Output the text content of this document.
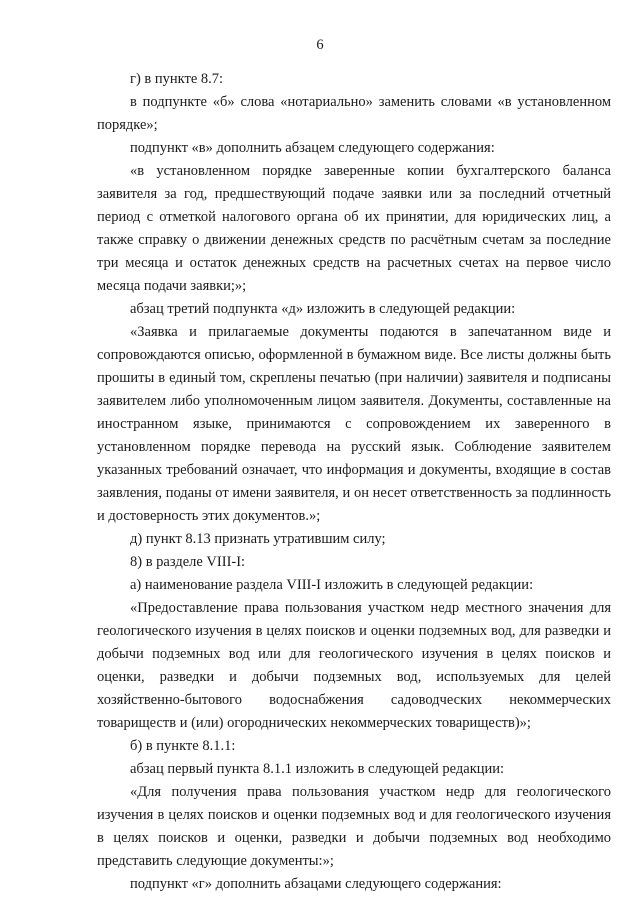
6

г) в пункте 8.7:

в подпункте «б» слова «нотариально» заменить словами «в установленном порядке»;

подпункт «в» дополнить абзацем следующего содержания:

«в установленном порядке заверенные копии бухгалтерского баланса заявителя за год, предшествующий подаче заявки или за последний отчетный период с отметкой налогового органа об их принятии, для юридических лиц, а также справку о движении денежных средств по расчётным счетам за последние три месяца и остаток денежных средств на расчетных счетах на первое число месяца подачи заявки;»;

абзац третий подпункта «д» изложить в следующей редакции:

«Заявка и прилагаемые документы подаются в запечатанном виде и сопровождаются описью, оформленной в бумажном виде. Все листы должны быть прошиты в единый том, скреплены печатью (при наличии) заявителя и подписаны заявителем либо уполномоченным лицом заявителя. Документы, составленные на иностранном языке, принимаются с сопровождением их заверенного в установленном порядке перевода на русский язык. Соблюдение заявителем указанных требований означает, что информация и документы, входящие в состав заявления, поданы от имени заявителя, и он несет ответственность за подлинность и достоверность этих документов.»;

д) пункт 8.13 признать утратившим силу;

8) в разделе VIII-I:

а) наименование раздела VIII-I изложить в следующей редакции:

«Предоставление права пользования участком недр местного значения для геологического изучения в целях поисков и оценки подземных вод, для разведки и добычи подземных вод или для геологического изучения в целях поисков и оценки, разведки и добычи подземных вод, используемых для целей хозяйственно-бытового водоснабжения садоводческих некоммерческих товариществ и (или) огороднических некоммерческих товариществ)»;

б) в пункте 8.1.1:

абзац первый пункта 8.1.1 изложить в следующей редакции:

«Для получения права пользования участком недр для геологического изучения в целях поисков и оценки подземных вод и для геологического изучения в целях поисков и оценки, разведки и добычи подземных вод необходимо представить следующие документы:»;

подпункт «г» дополнить абзацами следующего содержания:
